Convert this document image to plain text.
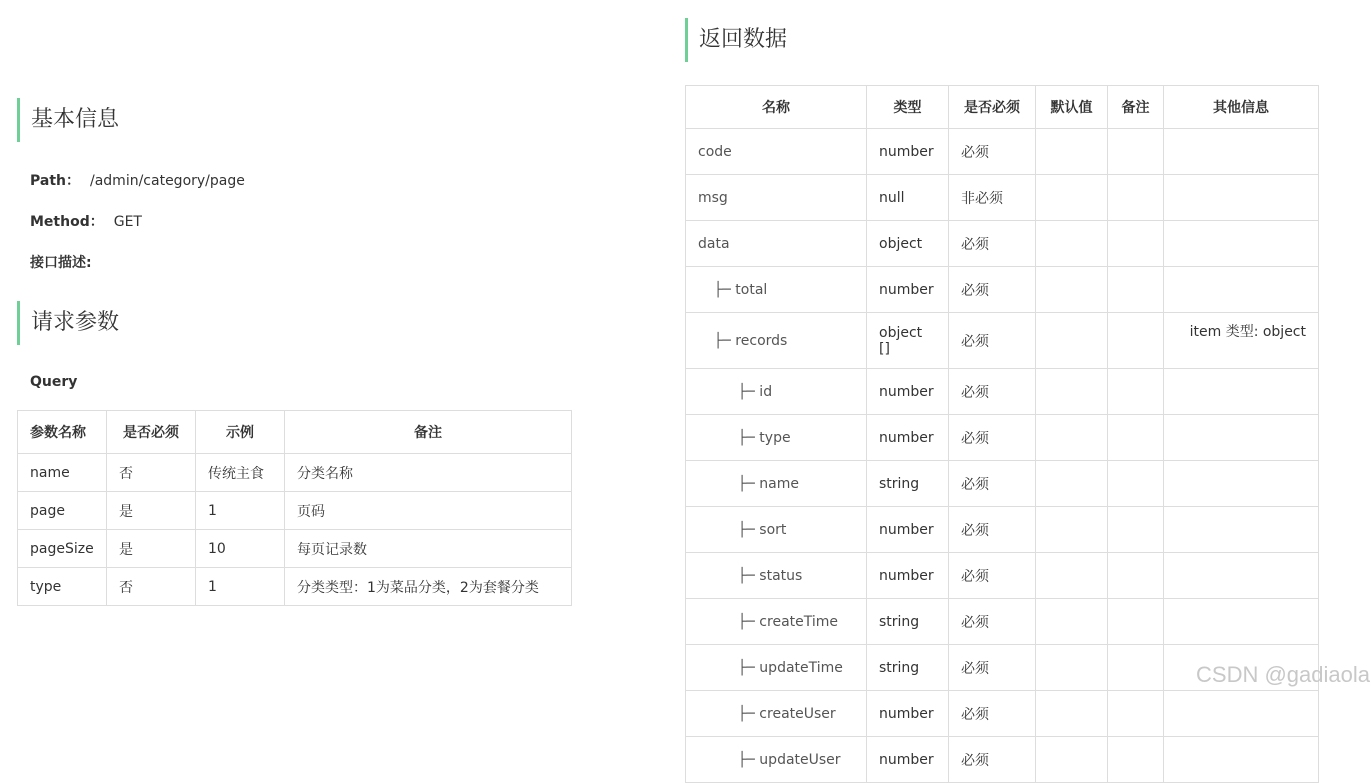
基本信息
Path： /admin/category/page
Method： GET
接口描述:
请求参数
Query
参数名称	是否必须	示例	备注
name	否	传统主食	分类名称
page	是	1	页码
pageSize	是	10	每页记录数
type	否	1	分类类型：1为菜品分类，2为套餐分类
返回数据
名称	类型	是否必须	默认值	备注	其他信息
code	number	必须			
msg	null	非必须			
data	object	必须			
├─ total	number	必须			
├─ records	object []	必须			item 类型: object
├─ id	number	必须			
├─ type	number	必须			
├─ name	string	必须			
├─ sort	number	必须			
├─ status	number	必须			
├─ createTime	string	必须			
├─ updateTime	string	必须			
├─ createUser	number	必须			
├─ updateUser	number	必须			
CSDN @gadiaola
